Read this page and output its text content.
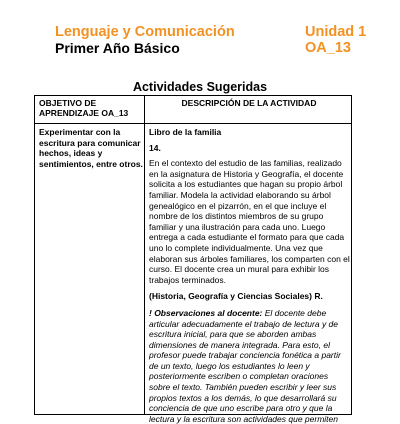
Lenguaje y Comunicación
Primer Año Básico
Unidad 1
OA_13
Actividades Sugeridas
OBJETIVO DE APRENDIZAJE OA_13
DESCRIPCIÓN DE LA ACTIVIDAD
Experimentar con la escritura para comunicar hechos, ideas y sentimientos, entre otros.

Libro de la familia

14.

En el contexto del estudio de las familias, realizado en la asignatura de Historia y Geografía, el docente solicita a los estudiantes que hagan su propio árbol familiar. Modela la actividad elaborando su árbol genealógico en el pizarrón, en el que incluye el nombre de los distintos miembros de su grupo familiar y una ilustración para cada uno. Luego entrega a cada estudiante el formato para que cada uno lo complete individualmente. Una vez que elaboran sus árboles familiares, los comparten con el curso. El docente crea un mural para exhibir los trabajos terminados.

(Historia, Geografía y Ciencias Sociales) R.

! Observaciones al docente: El docente debe articular adecuadamente el trabajo de lectura y de escritura inicial, para que se aborden ambas dimensiones de manera integrada. Para esto, el profesor puede trabajar conciencia fonética a partir de un texto, luego los estudiantes lo leen y posteriormente escriben o completan oraciones sobre el texto. También pueden escribir y leer sus propios textos a los demás, lo que desarrollará su conciencia de que uno escribe para otro y que la lectura y la escritura son actividades que permiten
